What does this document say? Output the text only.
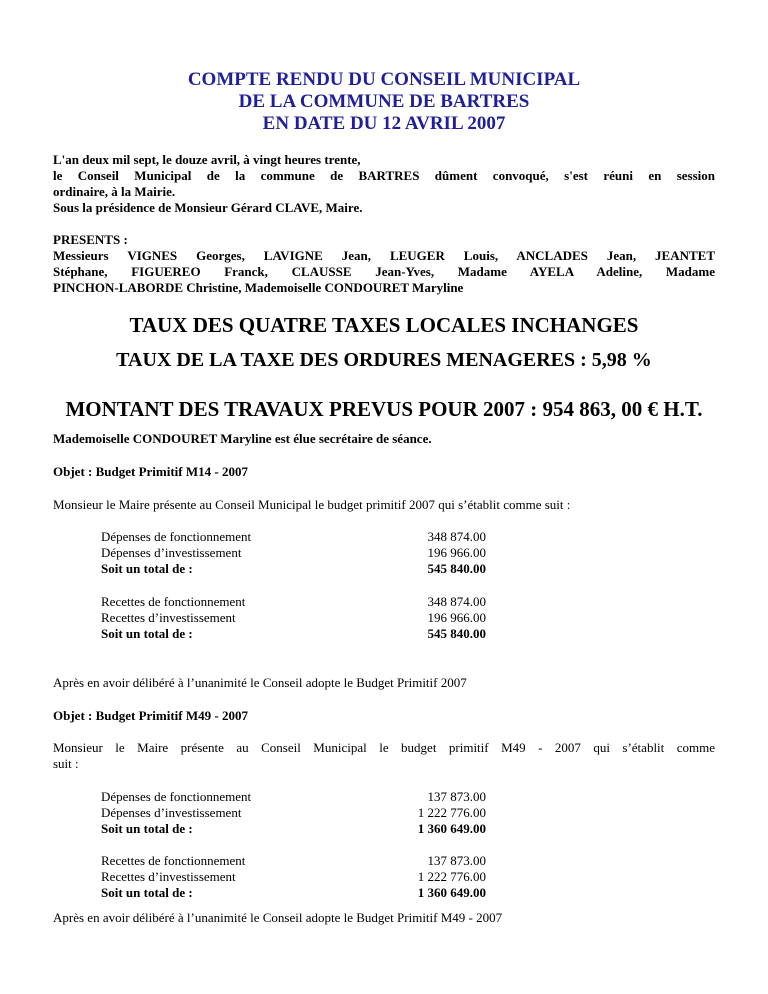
COMPTE RENDU DU CONSEIL MUNICIPAL
DE LA COMMUNE DE BARTRES
EN DATE DU 12 AVRIL 2007
L'an deux mil sept, le douze avril, à vingt heures trente,
le Conseil Municipal de la commune de BARTRES dûment convoqué, s'est réuni en session
ordinaire, à la Mairie.
Sous la présidence de Monsieur Gérard CLAVE, Maire.
PRESENTS :
Messieurs VIGNES Georges, LAVIGNE Jean, LEUGER Louis, ANCLADES Jean, JEANTET
Stéphane, FIGUEREO Franck, CLAUSSE Jean-Yves, Madame AYELA Adeline, Madame
PINCHON-LABORDE Christine, Mademoiselle CONDOURET Maryline
TAUX DES QUATRE TAXES LOCALES INCHANGES
TAUX DE LA TAXE DES ORDURES MENAGERES : 5,98 %
MONTANT DES TRAVAUX PREVUS POUR 2007 : 954 863, 00 € H.T.
Mademoiselle CONDOURET Maryline est élue secrétaire de séance.
Objet : Budget Primitif M14 - 2007
Monsieur le Maire présente au Conseil Municipal le budget primitif 2007 qui s’établit comme suit :
Dépenses de fonctionnement	348 874.00
Dépenses d’investissement	196 966.00
Soit un total de :	545 840.00
Recettes de fonctionnement	348 874.00
Recettes d’investissement	196 966.00
Soit un total de :	545 840.00
Après en avoir délibéré à l’unanimité le Conseil adopte le Budget Primitif 2007
Objet : Budget Primitif M49 - 2007
Monsieur le Maire présente au Conseil Municipal le budget primitif M49 - 2007 qui s’établit comme
suit :
Dépenses de fonctionnement	137 873.00
Dépenses d’investissement	1 222 776.00
Soit un total de :	1 360 649.00
Recettes de fonctionnement	137 873.00
Recettes d’investissement	1 222 776.00
Soit un total de :	1 360 649.00
Après en avoir délibéré à l’unanimité le Conseil adopte le Budget Primitif M49 - 2007
